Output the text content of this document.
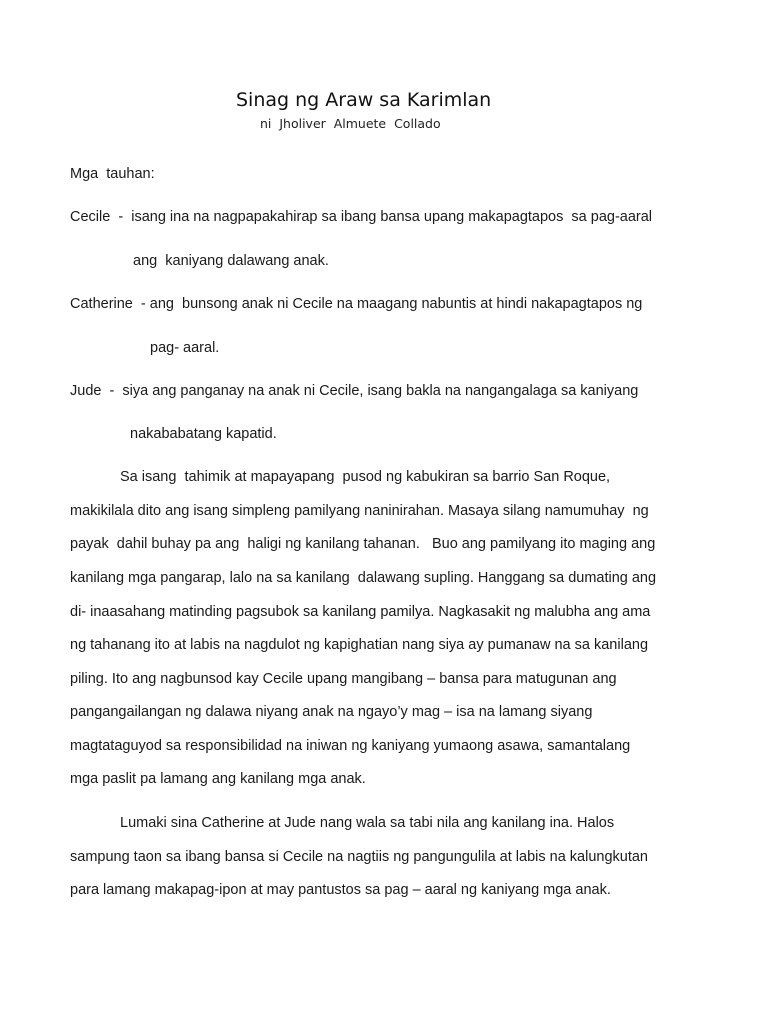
Sinag ng Araw sa Karimlan
ni  Jholiver  Almuete  Collado
Mga  tauhan:
Cecile  -  isang ina na nagpapakahirap sa ibang bansa upang makapagtapos  sa pag-aaral
ang  kaniyang dalawang anak.
Catherine  - ang  bunsong anak ni Cecile na maagang nabuntis at hindi nakapagtapos ng
pag- aaral.
Jude  -  siya ang panganay na anak ni Cecile, isang bakla na nangangalaga sa kaniyang
nakababatang kapatid.
Sa isang  tahimik at mapayapang  pusod ng kabukiran sa barrio San Roque,
makikilala dito ang isang simpleng pamilyang naninirahan. Masaya silang namumuhay  ng
payak  dahil buhay pa ang  haligi ng kanilang tahanan.   Buo ang pamilyang ito maging ang
kanilang mga pangarap, lalo na sa kanilang  dalawang supling. Hanggang sa dumating ang
di- inaasahang matinding pagsubok sa kanilang pamilya. Nagkasakit ng malubha ang ama
ng tahanang ito at labis na nagdulot ng kapighatian nang siya ay pumanaw na sa kanilang
piling. Ito ang nagbunsod kay Cecile upang mangibang – bansa para matugunan ang
pangangailangan ng dalawa niyang anak na ngayo’y mag – isa na lamang siyang
magtataguyod sa responsibilidad na iniwan ng kaniyang yumaong asawa, samantalang
mga paslit pa lamang ang kanilang mga anak.
Lumaki sina Catherine at Jude nang wala sa tabi nila ang kanilang ina. Halos
sampung taon sa ibang bansa si Cecile na nagtiis ng pangungulila at labis na kalungkutan
para lamang makapag-ipon at may pantustos sa pag – aaral ng kaniyang mga anak.
